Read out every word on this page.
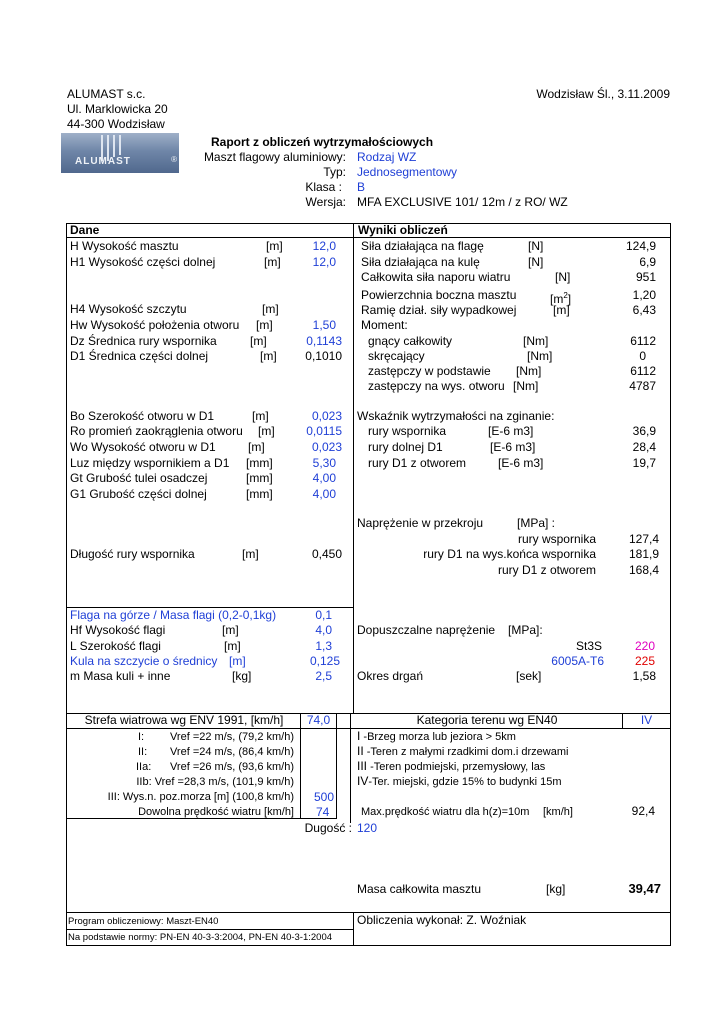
ALUMAST s.c.
Ul. Marklowicka 20
44-300 Wodzisław
Wodzisław Śl., 3.11.2009
ALUMAST	®
Raport z obliczeń wytrzymałościowych
Maszt flagowy aluminiowy: Rodzaj WZ
Typ: Jednosegmentowy
Klasa : B
Wersja: MFA EXCLUSIVE 101/ 12m / z RO/ WZ
Dane	Wyniki obliczeń
H Wysokość masztu	[m]	12,0
H1 Wysokość części dolnej	[m]	12,0
H4 Wysokość szczytu	[m]
Hw Wysokość położenia otworu [m]	1,50
Dz Średnica rury wspornika	[m]	0,1143
D1 Średnica części dolnej	[m]	0,1010
Bo Szerokość otworu w D1	[m]	0,023
Ro promień zaokrąglenia otworu [m]	0,0115
Wo Wysokość otworu w D1	[m]	0,023
Luz między wspornikiem a D1 [mm]	5,30
Gt Grubość tulei osadczej	[mm]	4,00
G1 Grubość części dolnej	[mm]	4,00
Długość rury wspornika	[m]	0,450
Flaga na górze / Masa flagi (0,2-0,1kg)	0,1
Hf Wysokość flagi	[m]	4,0
L Szerokość flagi	[m]	1,3
Kula na szczycie o średnicy [m]	0,125
m Masa kuli + inne	[kg]	2,5
Siła działająca na flagę	[N]	124,9
Siła działająca na kulę	[N]	6,9
Całkowita siła naporu wiatru	[N]	951
Powierzchnia boczna masztu	$[m^2]$	1,20
Ramię dział. siły wypadkowej	[m]	6,43
Moment:
gnący całkowity	[Nm]	6112
skręcający	[Nm]	0
zastępczy w podstawie [Nm]	6112
zastępczy na wys. otworu [Nm]	4787
Wskaźnik wytrzymałości na zginanie:
rury wspornika	[E-6 m3]	36,9
rury dolnej D1	[E-6 m3]	28,4
rury D1 z otworem	[E-6 m3]	19,7
Naprężenie w przekroju	[MPa] :
rury wspornika	127,4
rury D1 na wys.końca wspornika	181,9
rury D1 z otworem	168,4
Dopuszczalne naprężenie [MPa]:
St3S	220
6005A-T6	225
Okres drgań	[sek]	1,58
Strefa wiatrowa wg ENV 1991, [km/h]	74,0	Kategoria terenu wg EN40	IV
I:	Vref =22 m/s, (79,2 km/h)
II:	Vref =24 m/s, (86,4 km/h)
IIa:	Vref =26 m/s, (93,6 km/h)
IIb: Vref =28,3 m/s, (101,9 km/h)
III: Wys.n. poz.morza [m] (100,8 km/h) 500
Dowolna prędkość wiatru [km/h] 74
Dugość : 120
I -Brzeg morza lub jeziora > 5km
II -Teren z małymi rzadkimi dom.i drzewami
III -Teren podmiejski, przemysłowy, las
IV-Ter. miejski, gdzie 15% to budynki 15m
Max.prędkość wiatru dla h(z)=10m [km/h]	92,4
Masa całkowita masztu	[kg]	39,47
Program obliczeniowy: Maszt-EN40
Na podstawie normy: PN-EN 40-3-3:2004, PN-EN 40-3-1:2004
Obliczenia wykonał: Z. Woźniak
